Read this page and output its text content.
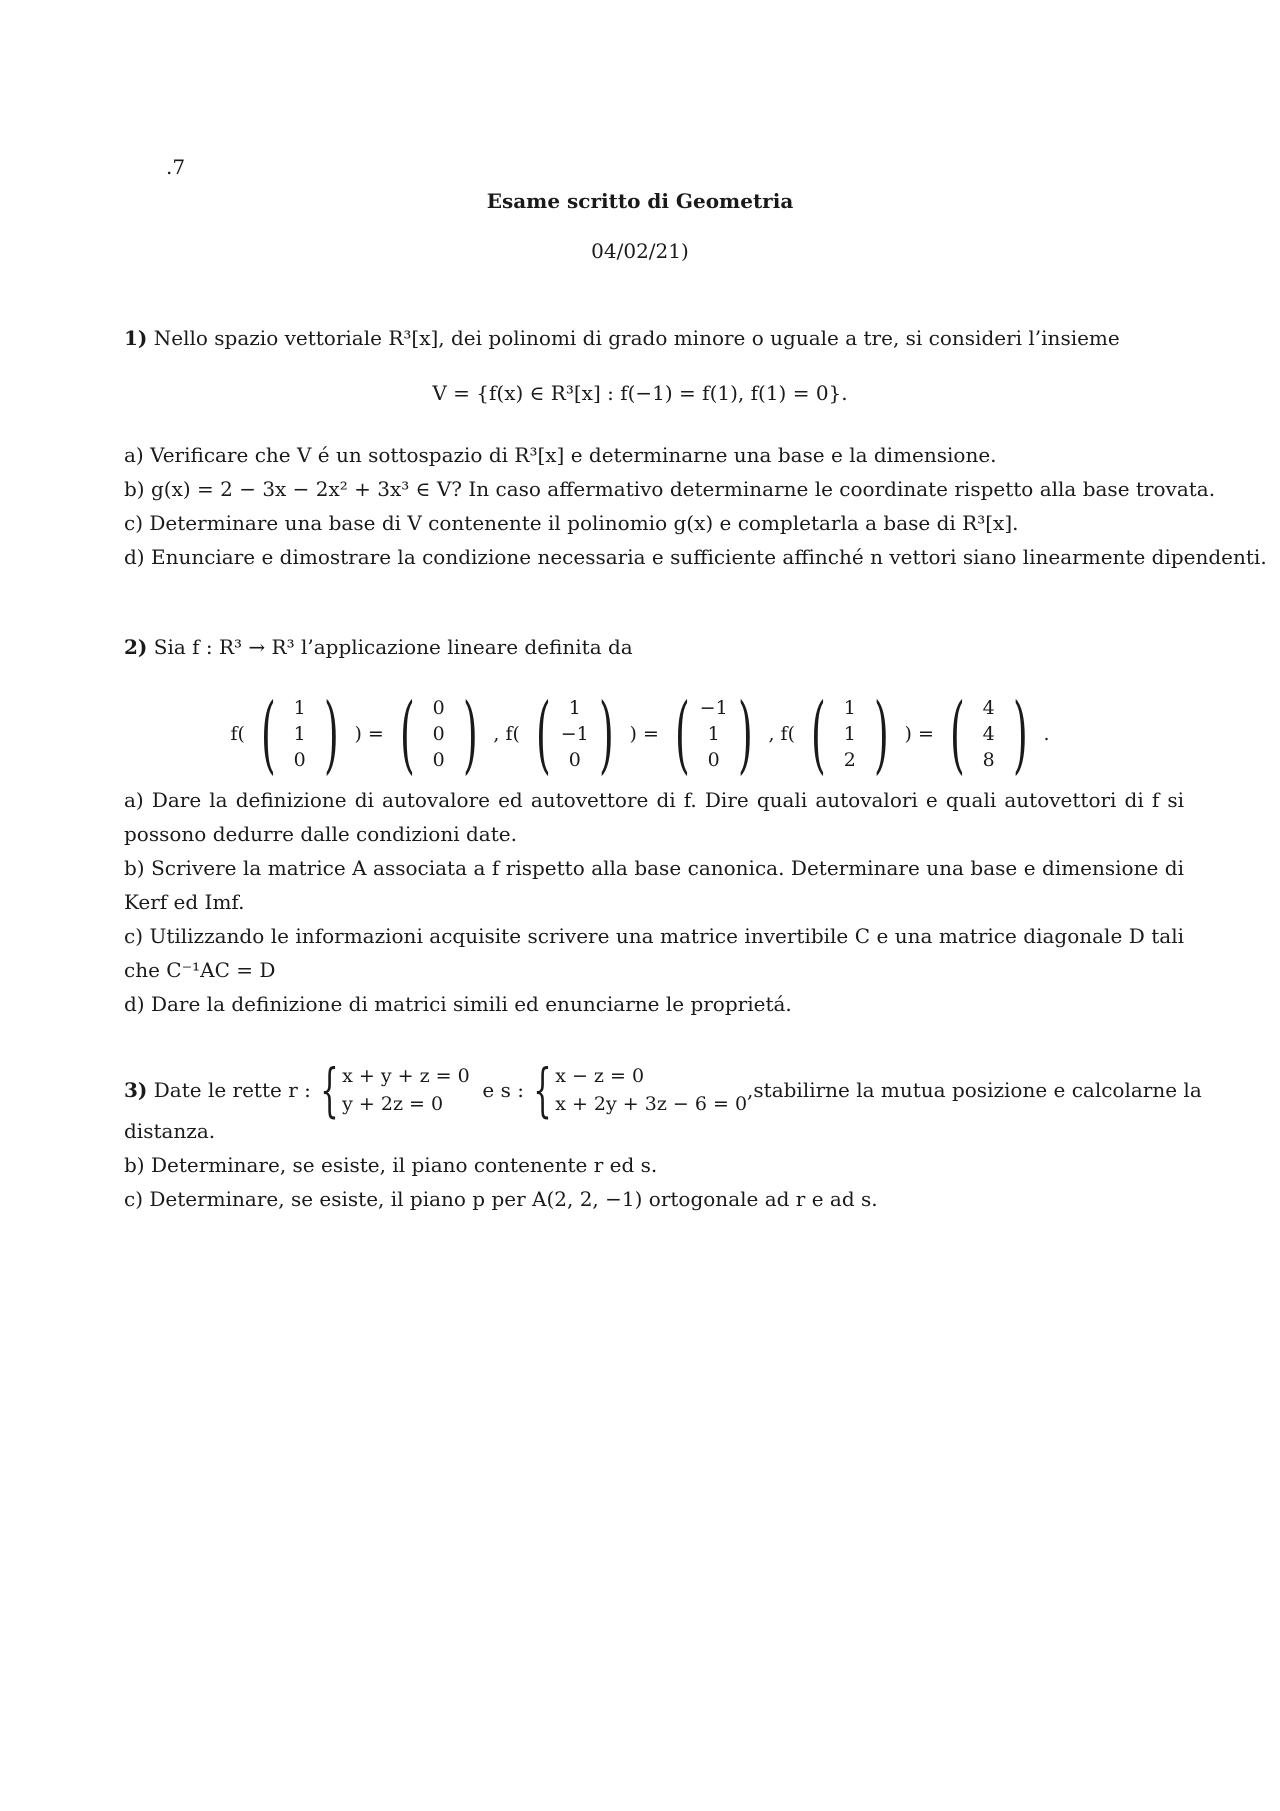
.7
Esame scritto di Geometria
04/02/21)
1) Nello spazio vettoriale R³[x], dei polinomi di grado minore o uguale a tre, si consideri l’insieme
V = {f(x) ∈ R³[x] : f(−1) = f(1), f(1) = 0}.
a) Verificare che V é un sottospazio di R³[x] e determinarne una base e la dimensione.
b) g(x) = 2 − 3x − 2x² + 3x³ ∈ V? In caso affermativo determinarne le coordinate rispetto alla base trovata.
c) Determinare una base di V contenente il polinomio g(x) e completarla a base di R³[x].
d) Enunciare e dimostrare la condizione necessaria e sufficiente affinché n vettori siano linearmente dipendenti.
2) Sia f : R³ → R³ l’applicazione lineare definita da
f( ( 1
1
0 ) ) = ( 0
0
0 ) , f( ( 1
−1
0 ) ) = ( −1
1
0 ) , f( ( 1
1
2 ) ) = ( 4
4
8 ) .
a) Dare la definizione di autovalore ed autovettore di f. Dire quali autovalori e quali autovettori di f si possono dedurre dalle condizioni date.
b) Scrivere la matrice A associata a f rispetto alla base canonica. Determinare una base e dimensione di Kerf ed Imf.
c) Utilizzando le informazioni acquisite scrivere una matrice invertibile C e una matrice diagonale D tali che C⁻¹AC = D
d) Dare la definizione di matrici simili ed enunciarne le proprietá.
3)
Date le rette r :
{ x + y + z = 0
y + 2z = 0

e s :
{ x − z = 0
x + 2y + 3z − 6 = 0
, stabilirne la mutua posizione e calcolarne la
distanza.
b) Determinare, se esiste, il piano contenente r ed s.
c) Determinare, se esiste, il piano p per A(2, 2, −1) ortogonale ad r e ad s.
